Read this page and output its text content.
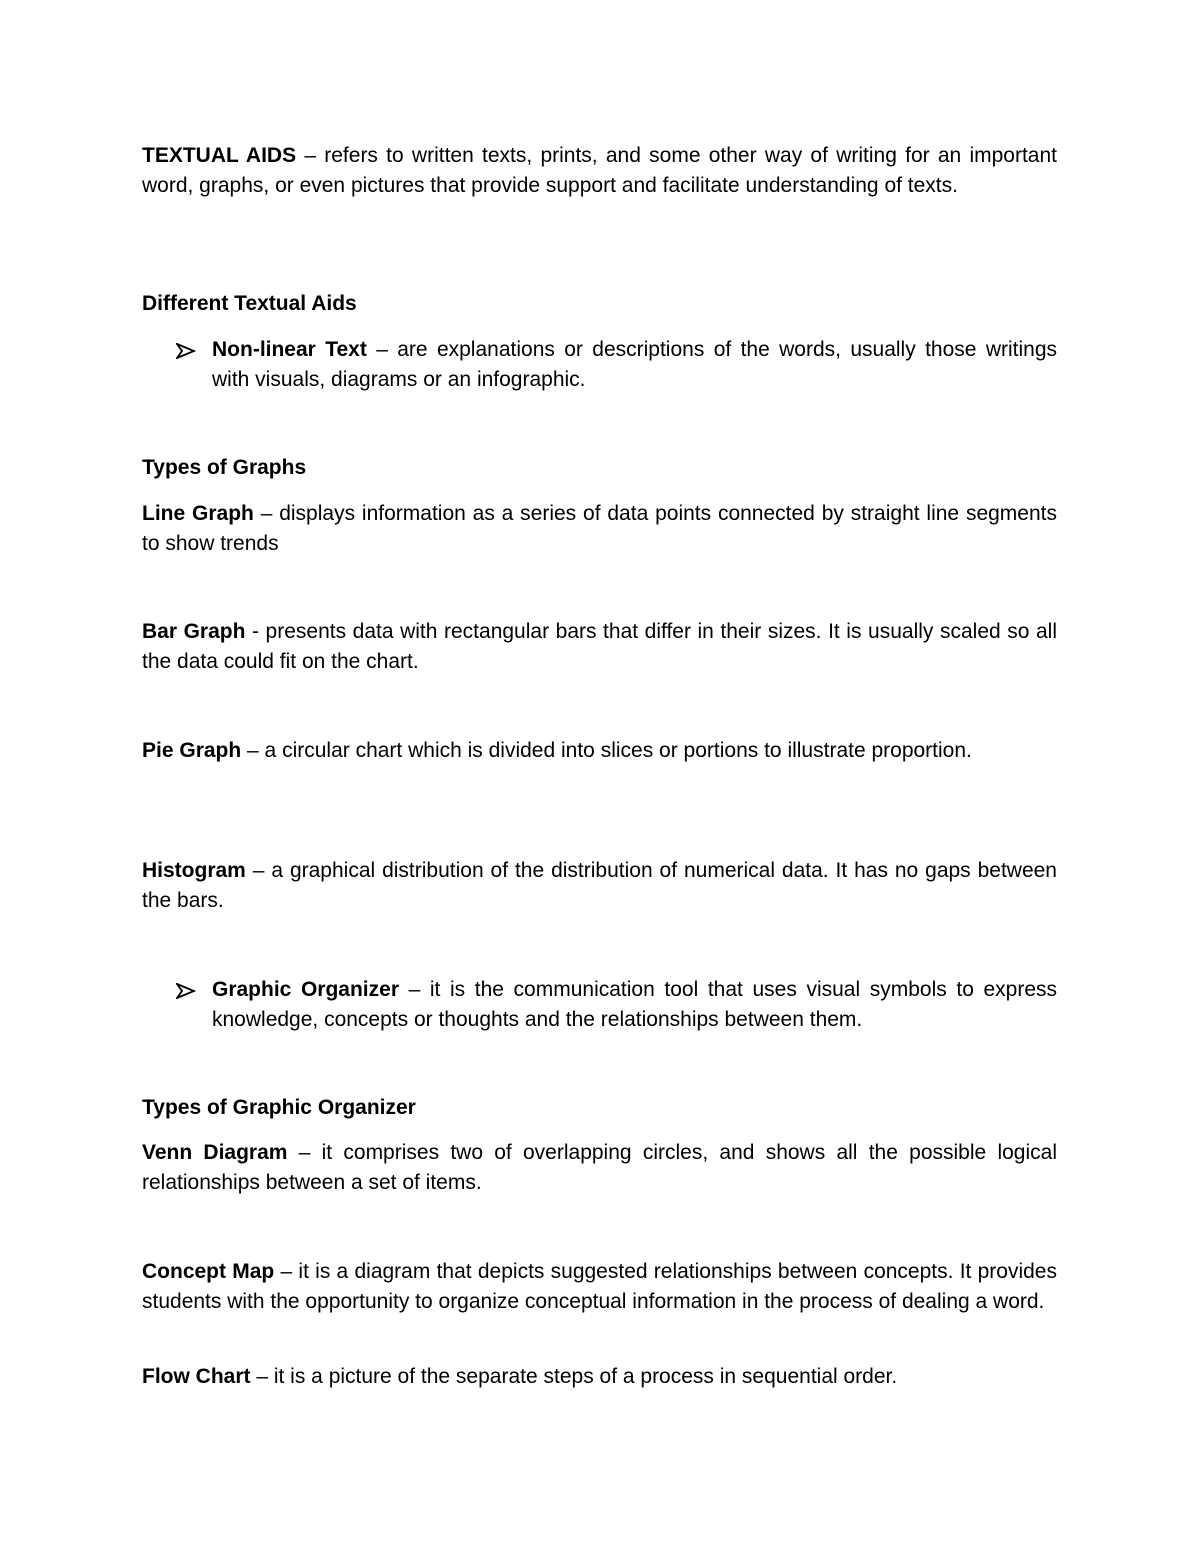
TEXTUAL AIDS – refers to written texts, prints, and some other way of writing for an important word, graphs, or even pictures that provide support and facilitate understanding of texts.

Different Textual Aids

Non-linear Text – are explanations or descriptions of the words, usually those writings with visuals, diagrams or an infographic.

Types of Graphs

Line Graph – displays information as a series of data points connected by straight line segments to show trends

Bar Graph - presents data with rectangular bars that differ in their sizes. It is usually scaled so all the data could fit on the chart.

Pie Graph – a circular chart which is divided into slices or portions to illustrate proportion.

Histogram – a graphical distribution of the distribution of numerical data. It has no gaps between the bars.

Graphic Organizer – it is the communication tool that uses visual symbols to express knowledge, concepts or thoughts and the relationships between them.

Types of Graphic Organizer

Venn Diagram – it comprises two of overlapping circles, and shows all the possible logical relationships between a set of items.

Concept Map – it is a diagram that depicts suggested relationships between concepts. It provides students with the opportunity to organize conceptual information in the process of dealing a word.

Flow Chart – it is a picture of the separate steps of a process in sequential order.
